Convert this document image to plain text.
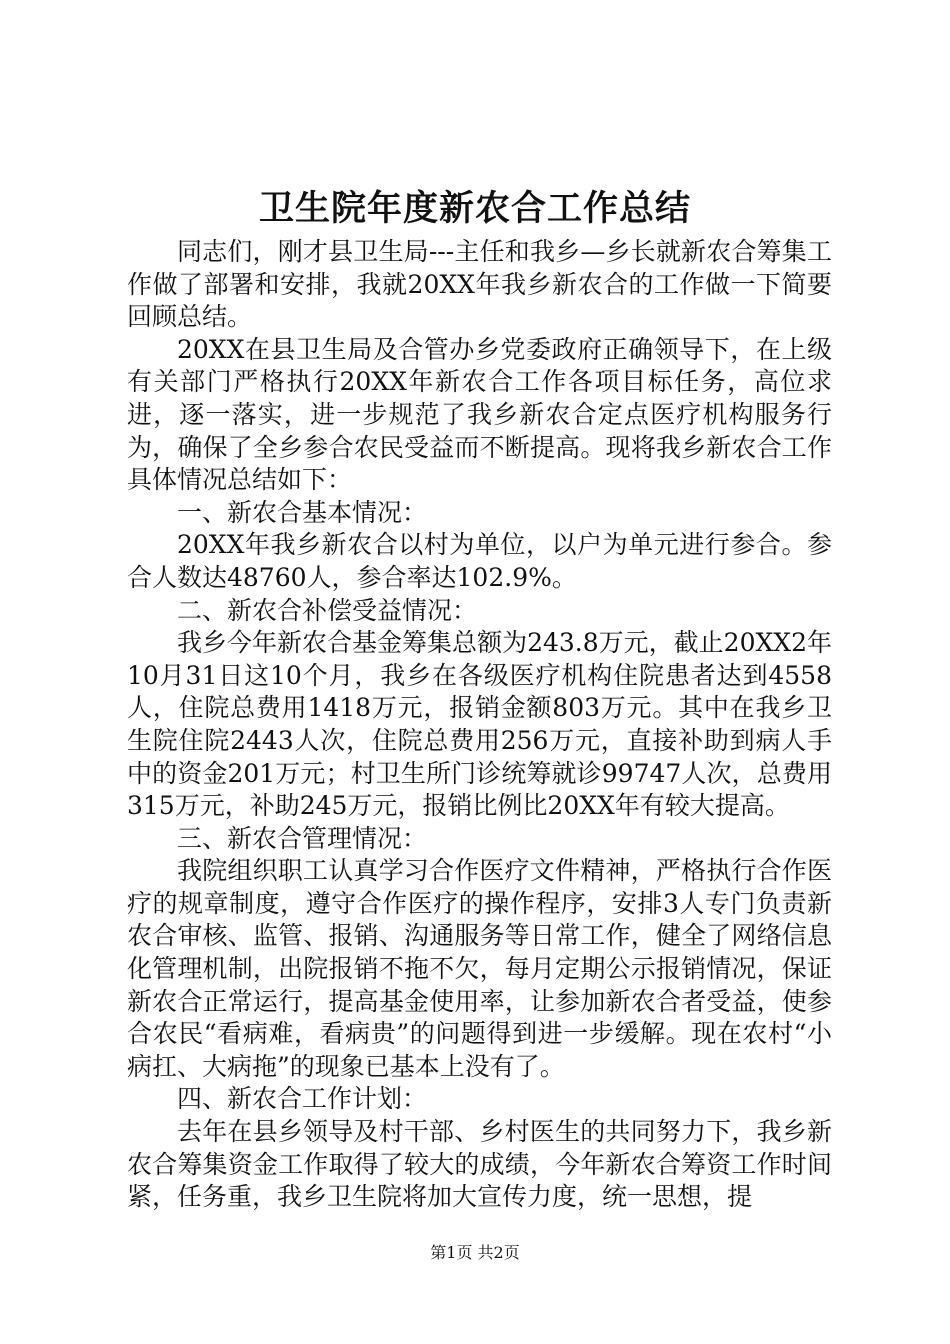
卫生院年度新农合工作总结

同志们，刚才县卫生局---主任和我乡—乡长就新农合筹集工作做了部署和安排，我就20XX年我乡新农合的工作做一下简要回顾总结。

20XX在县卫生局及合管办乡党委政府正确领导下，在上级有关部门严格执行20XX年新农合工作各项目标任务，高位求进，逐一落实，进一步规范了我乡新农合定点医疗机构服务行为，确保了全乡参合农民受益而不断提高。现将我乡新农合工作具体情况总结如下：

一、新农合基本情况：

20XX年我乡新农合以村为单位，以户为单元进行参合。参合人数达48760人，参合率达102.9%。

二、新农合补偿受益情况：

我乡今年新农合基金筹集总额为243.8万元，截止20XX2年10月31日这10个月，我乡在各级医疗机构住院患者达到4558人，住院总费用1418万元，报销金额803万元。其中在我乡卫生院住院2443人次，住院总费用256万元，直接补助到病人手中的资金201万元；村卫生所门诊统筹就诊99747人次，总费用315万元，补助245万元，报销比例比20XX年有较大提高。

三、新农合管理情况：

我院组织职工认真学习合作医疗文件精神，严格执行合作医疗的规章制度，遵守合作医疗的操作程序，安排3人专门负责新农合审核、监管、报销、沟通服务等日常工作，健全了网络信息化管理机制，出院报销不拖不欠，每月定期公示报销情况，保证新农合正常运行，提高基金使用率，让参加新农合者受益，使参合农民“看病难，看病贵”的问题得到进一步缓解。现在农村“小病扛、大病拖”的现象已基本上没有了。

四、新农合工作计划：

去年在县乡领导及村干部、乡村医生的共同努力下，我乡新农合筹集资金工作取得了较大的成绩，今年新农合筹资工作时间紧，任务重，我乡卫生院将加大宣传力度，统一思想，提

第1页 共2页
